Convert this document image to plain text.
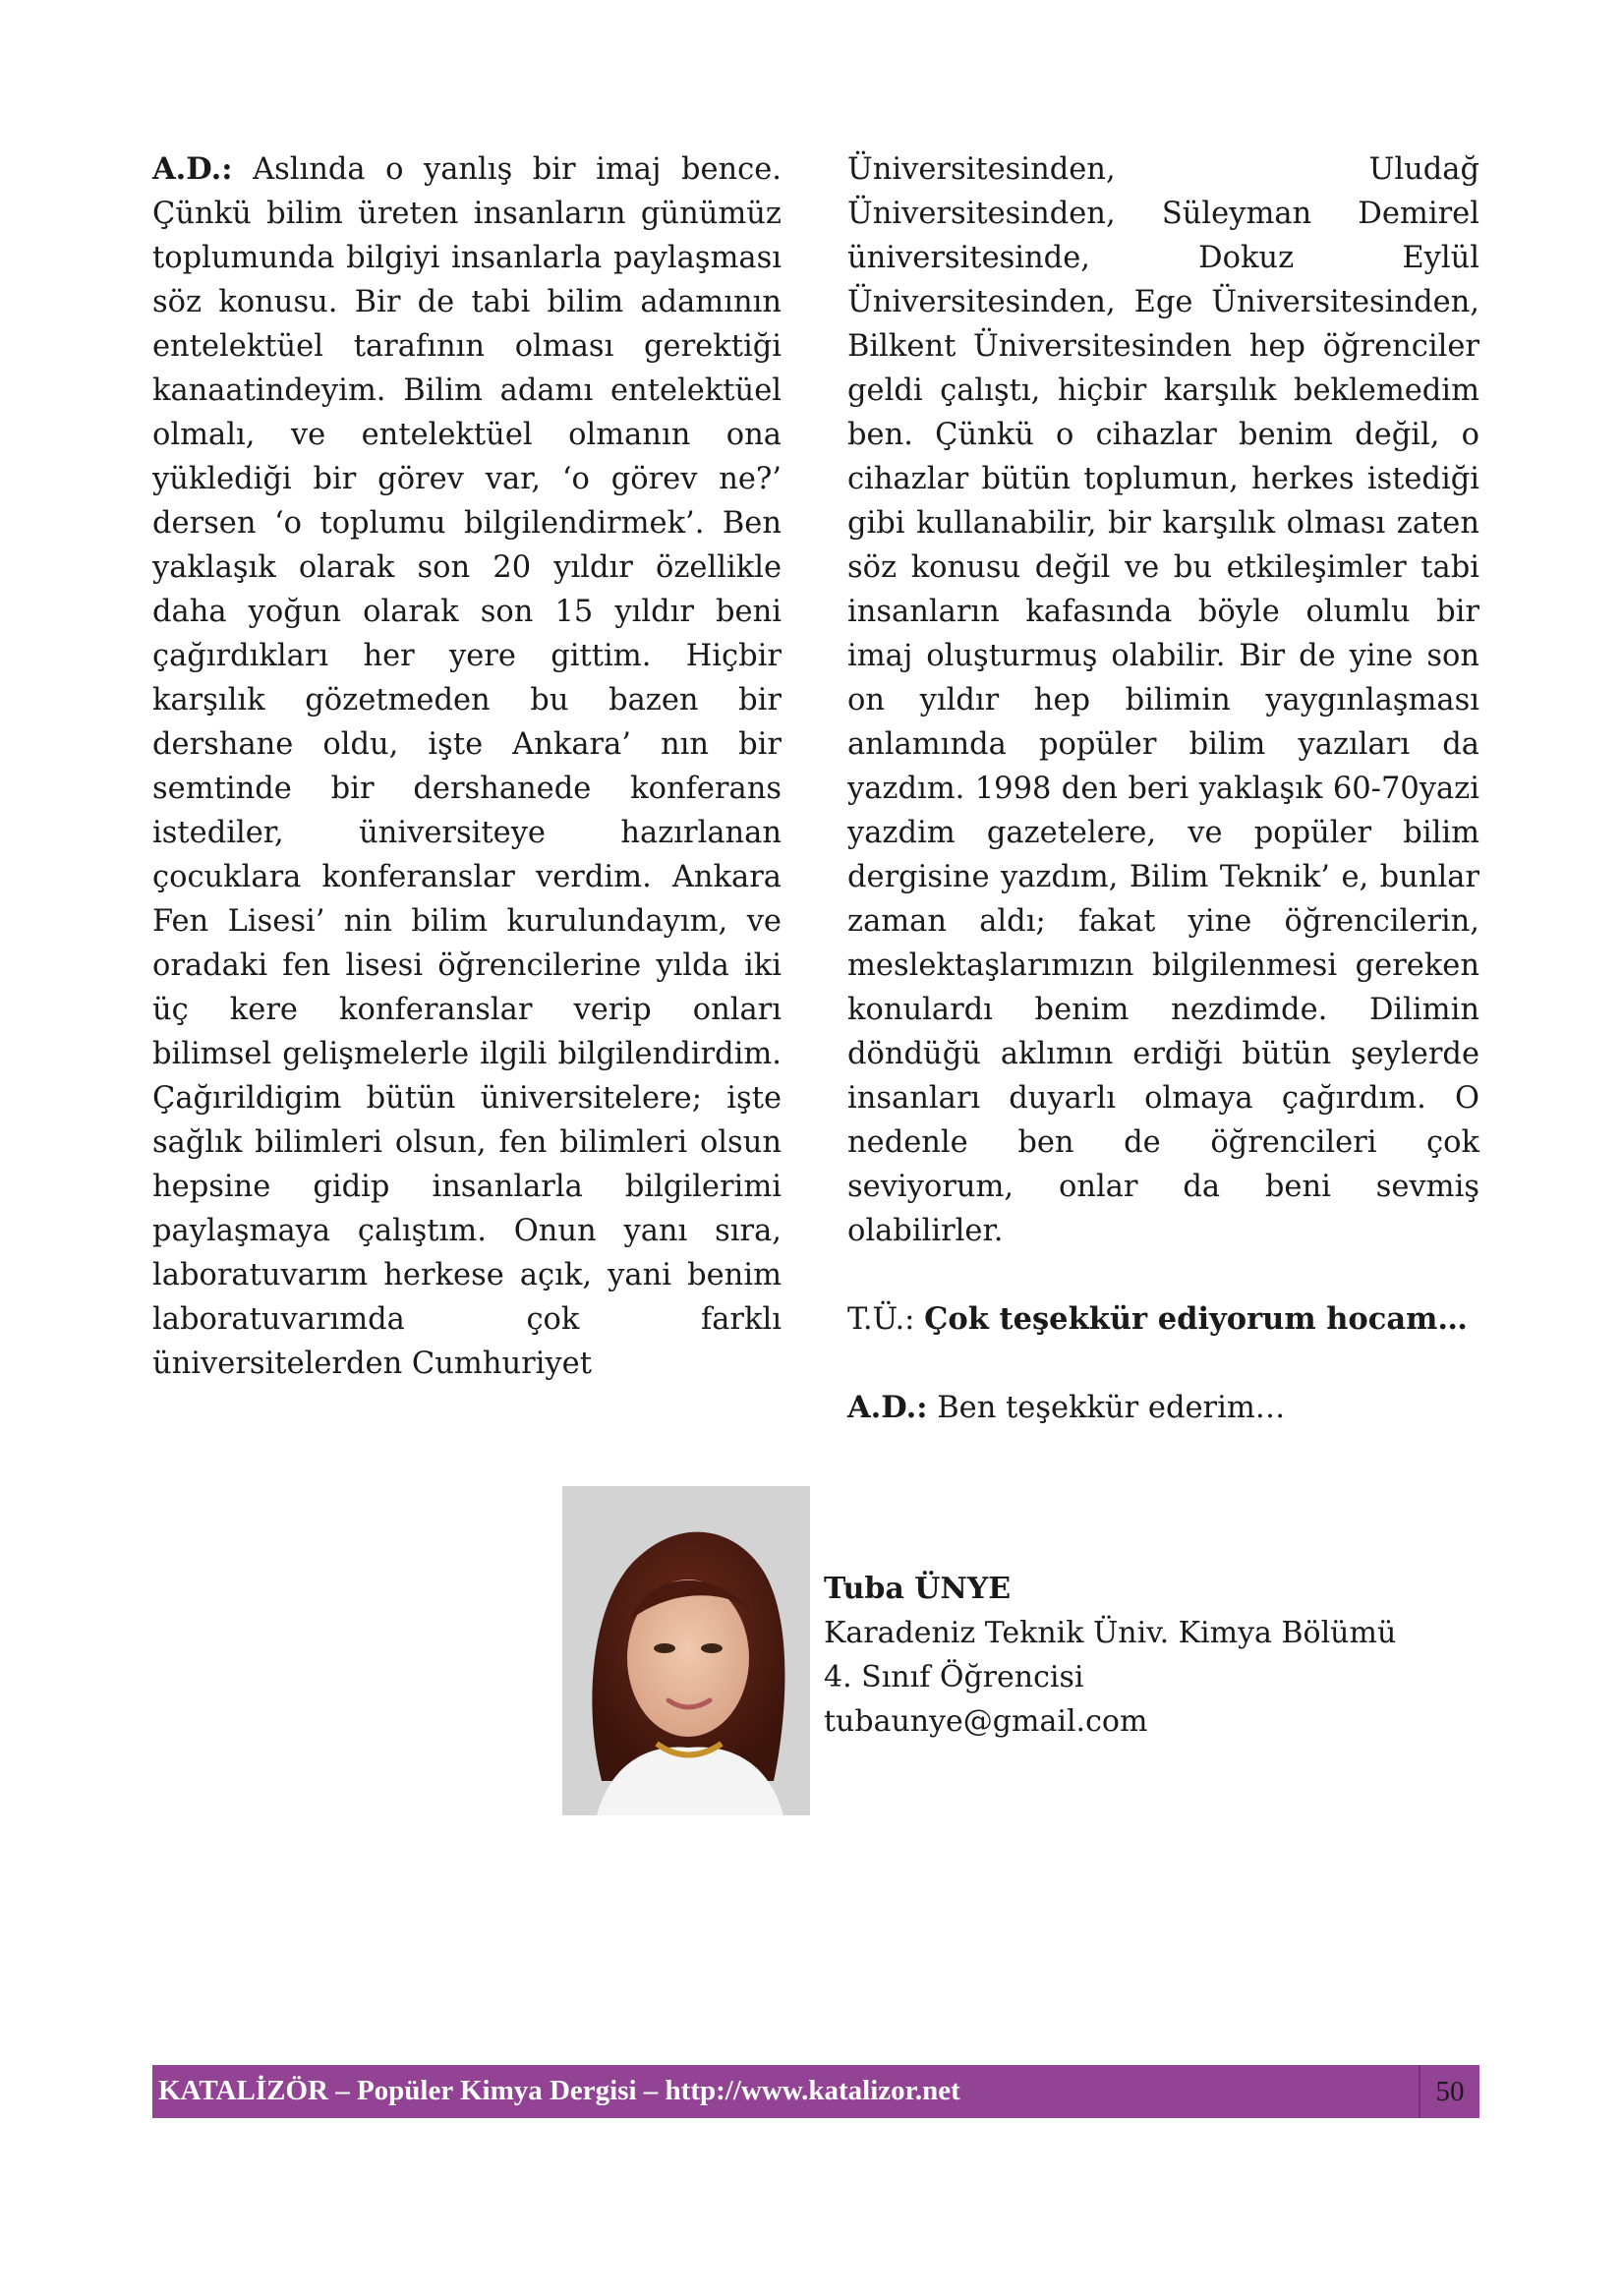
A.D.: Aslında o yanlış bir imaj bence. Çünkü bilim üreten insanların günümüz toplumunda bilgiyi insanlarla paylaşması söz konusu. Bir de tabi bilim adamının entelektüel tarafının olması gerektiği kanaatindeyim. Bilim adamı entelektüel olmalı, ve entelektüel olmanın ona yüklediği bir görev var, ‘o görev ne?’ dersen ‘o toplumu bilgilendirmek’. Ben yaklaşık olarak son 20 yıldır özellikle daha yoğun olarak son 15 yıldır beni çağırdıkları her yere gittim. Hiçbir karşılık gözetmeden bu bazen bir dershane oldu, işte Ankara’ nın bir semtinde bir dershanede konferans istediler, üniversiteye hazırlanan çocuklara konferanslar verdim. Ankara Fen Lisesi’ nin bilim kurulundayım, ve oradaki fen lisesi öğrencilerine yılda iki üç kere konferanslar verip onları bilimsel gelişmelerle ilgili bilgilendirdim. Çağırildigim bütün üniversitelere; işte sağlık bilimleri olsun, fen bilimleri olsun hepsine gidip insanlarla bilgilerimi paylaşmaya çalıştım. Onun yanı sıra, laboratuvarım herkese açık, yani benim laboratuvarımda çok farklı üniversitelerden Cumhuriyet

Üniversitesinden, Uludağ Üniversitesinden, Süleyman Demirel üniversitesinde, Dokuz Eylül Üniversitesinden, Ege Üniversitesinden, Bilkent Üniversitesinden hep öğrenciler geldi çalıştı, hiçbir karşılık beklemedim ben. Çünkü o cihazlar benim değil, o cihazlar bütün toplumun, herkes istediği gibi kullanabilir, bir karşılık olması zaten söz konusu değil ve bu etkileşimler tabi insanların kafasında böyle olumlu bir imaj oluşturmuş olabilir. Bir de yine son on yıldır hep bilimin yaygınlaşması anlamında popüler bilim yazıları da yazdım. 1998 den beri yaklaşık 60-70yazi yazdim gazetelere, ve popüler bilim dergisine yazdım, Bilim Teknik’ e, bunlar zaman aldı; fakat yine öğrencilerin, meslektaşlarımızın bilgilenmesi gereken konulardı benim nezdimde. Dilimin döndüğü aklımın erdiği bütün şeylerde insanları duyarlı olmaya çağırdım. O nedenle ben de öğrencileri çok seviyorum, onlar da beni sevmiş olabilirler.

T.Ü.: Çok teşekkür ediyorum hocam…

A.D.: Ben teşekkür ederim…

Tuba ÜNYE
Karadeniz Teknik Üniv. Kimya Bölümü
4. Sınıf Öğrencisi
tubaunye@gmail.com
KATALİZÖR – Popüler Kimya Dergisi – http://www.katalizor.net	50
